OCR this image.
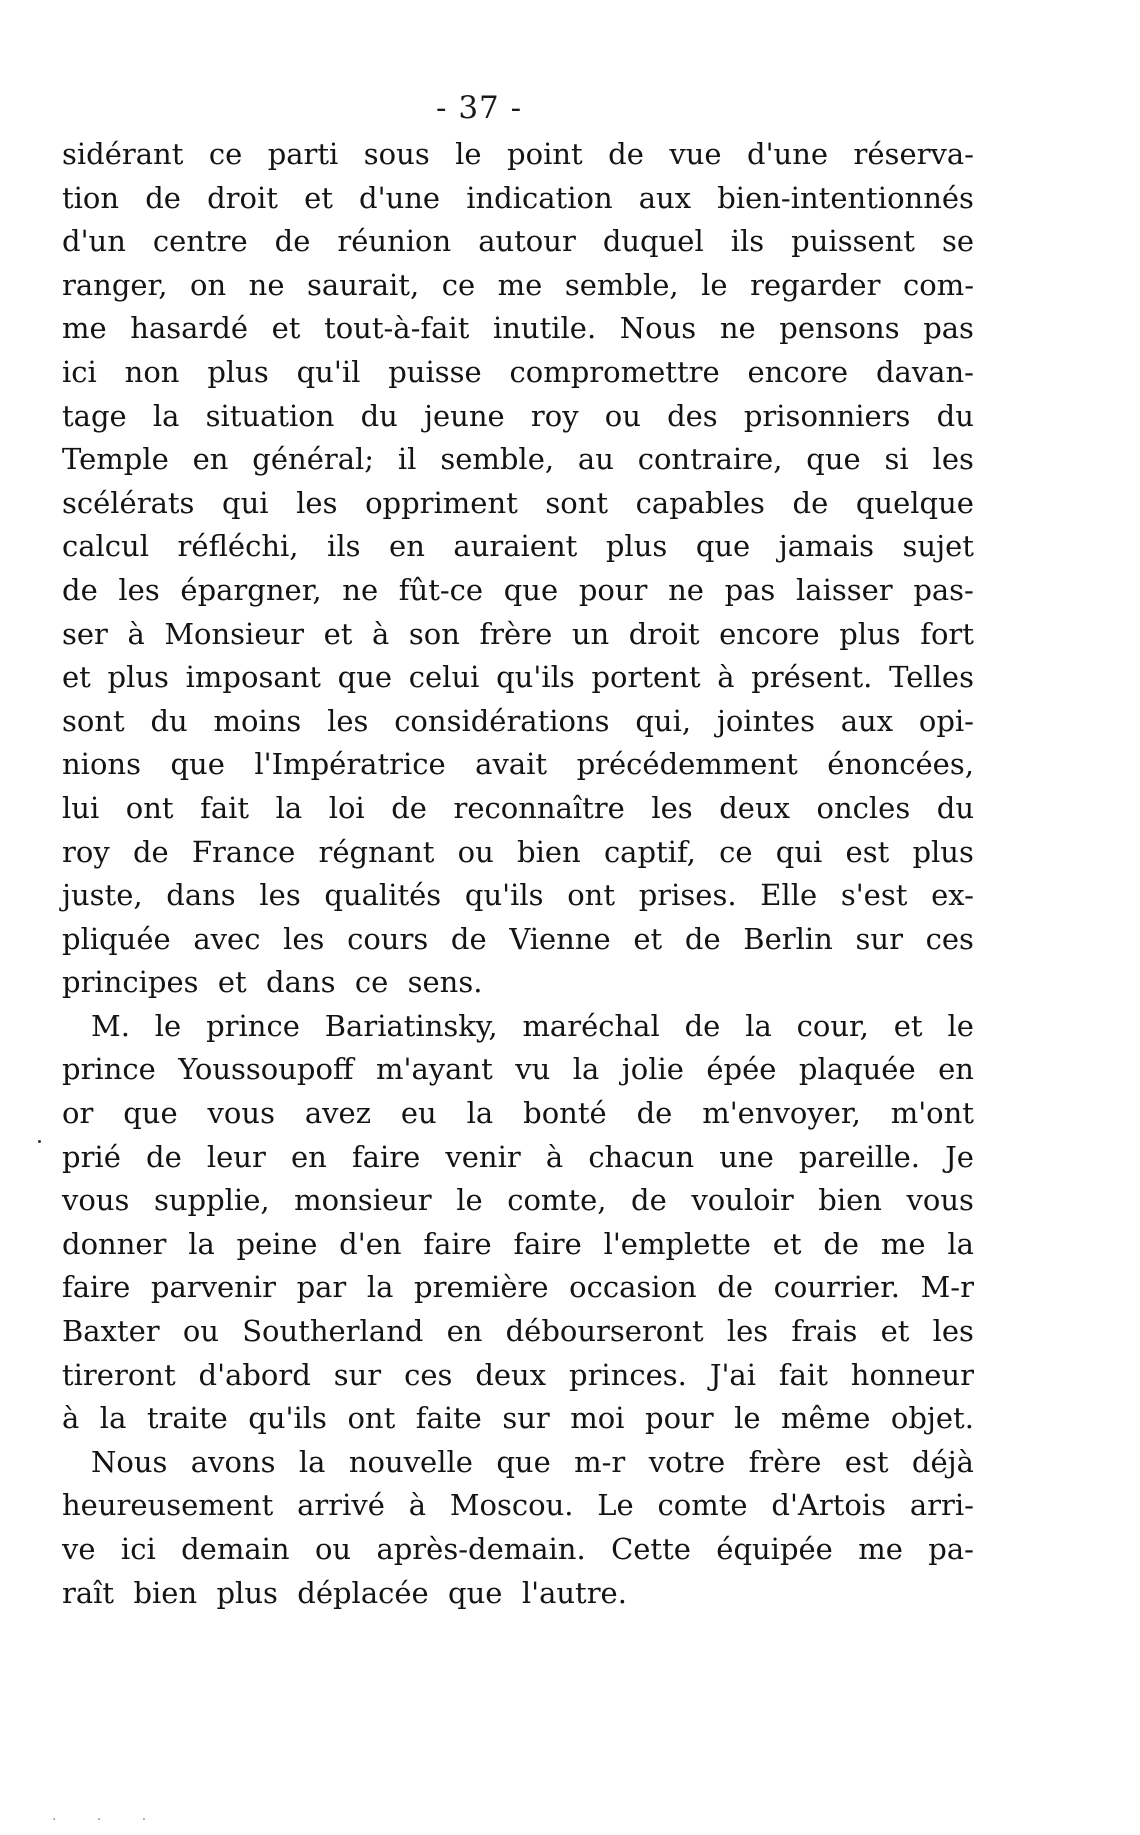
- 37 -
sidérant ce parti sous le point de vue d'une réserva-
tion de droit et d'une indication aux bien-intentionnés
d'un centre de réunion autour duquel ils puissent se
ranger, on ne saurait, ce me semble, le regarder com-
me hasardé et tout-à-fait inutile. Nous ne pensons pas
ici non plus qu'il puisse compromettre encore davan-
tage la situation du jeune roy ou des prisonniers du
Temple en général; il semble, au contraire, que si les
scélérats qui les oppriment sont capables de quelque
calcul réfléchi, ils en auraient plus que jamais sujet
de les épargner, ne fût-ce que pour ne pas laisser pas-
ser à Monsieur et à son frère un droit encore plus fort
et plus imposant que celui qu'ils portent à présent. Telles
sont du moins les considérations qui, jointes aux opi-
nions que l'Impératrice avait précédemment énoncées,
lui ont fait la loi de reconnaître les deux oncles du
roy de France régnant ou bien captif, ce qui est plus
juste, dans les qualités qu'ils ont prises. Elle s'est ex-
pliquée avec les cours de Vienne et de Berlin sur ces
principes et dans ce sens.
M. le prince Bariatinsky, maréchal de la cour, et le
prince Youssoupoff m'ayant vu la jolie épée plaquée en
or que vous avez eu la bonté de m'envoyer, m'ont
prié de leur en faire venir à chacun une pareille. Je
vous supplie, monsieur le comte, de vouloir bien vous
donner la peine d'en faire faire l'emplette et de me la
faire parvenir par la première occasion de courrier. M-r
Baxter ou Southerland en débourseront les frais et les
tireront d'abord sur ces deux princes. J'ai fait honneur
à la traite qu'ils ont faite sur moi pour le même objet.
Nous avons la nouvelle que m-r votre frère est déjà
heureusement arrivé à Moscou. Le comte d'Artois arri-
ve ici demain ou après-demain. Cette équipée me pa-
raît bien plus déplacée que l'autre.
· · ·
